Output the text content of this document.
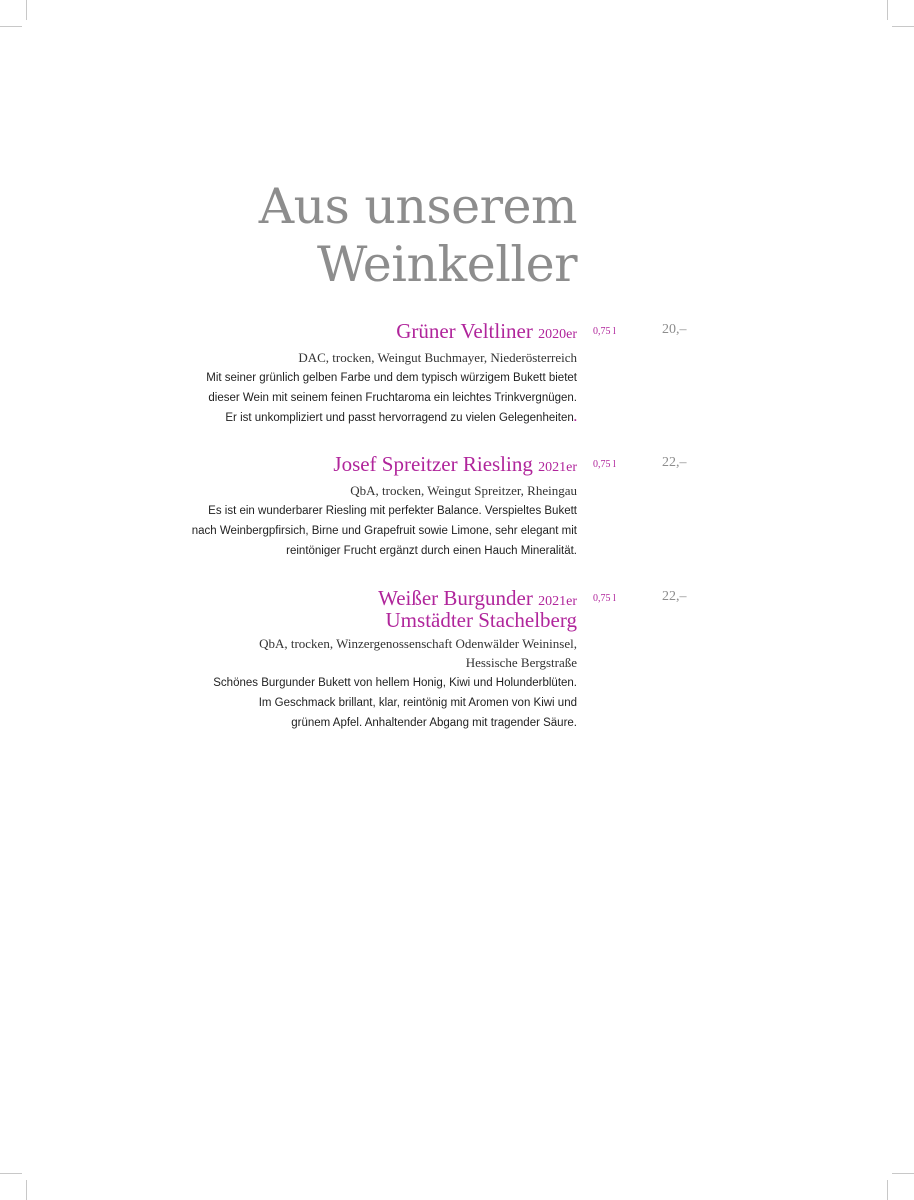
Aus unserem
Weinkeller
Grüner Veltliner 2020er
DAC, trocken, Weingut Buchmayer, Niederösterreich
Mit seiner grünlich gelben Farbe und dem typisch würzigem Bukett bietet
dieser Wein mit seinem feinen Fruchtaroma ein leichtes Trinkvergnügen.
Er ist unkompliziert und passt hervorragend zu vielen Gelegenheiten.
0,75 l	20,–
Josef Spreitzer Riesling 2021er
QbA, trocken, Weingut Spreitzer, Rheingau
Es ist ein wunderbarer Riesling mit perfekter Balance. Verspieltes Bukett
nach Weinbergpfirsich, Birne und Grapefruit sowie Limone, sehr elegant mit
reintöniger Frucht ergänzt durch einen Hauch Mineralität.
0,75 l	22,–
Weißer Burgunder 2021er
Umstädter Stachelberg
QbA, trocken, Winzergenossenschaft Odenwälder Weininsel,
Hessische Bergstraße
Schönes Burgunder Bukett von hellem Honig, Kiwi und Holunderblüten.
Im Geschmack brillant, klar, reintönig mit Aromen von Kiwi und
grünem Apfel. Anhaltender Abgang mit tragender Säure.
0,75 l	22,–
